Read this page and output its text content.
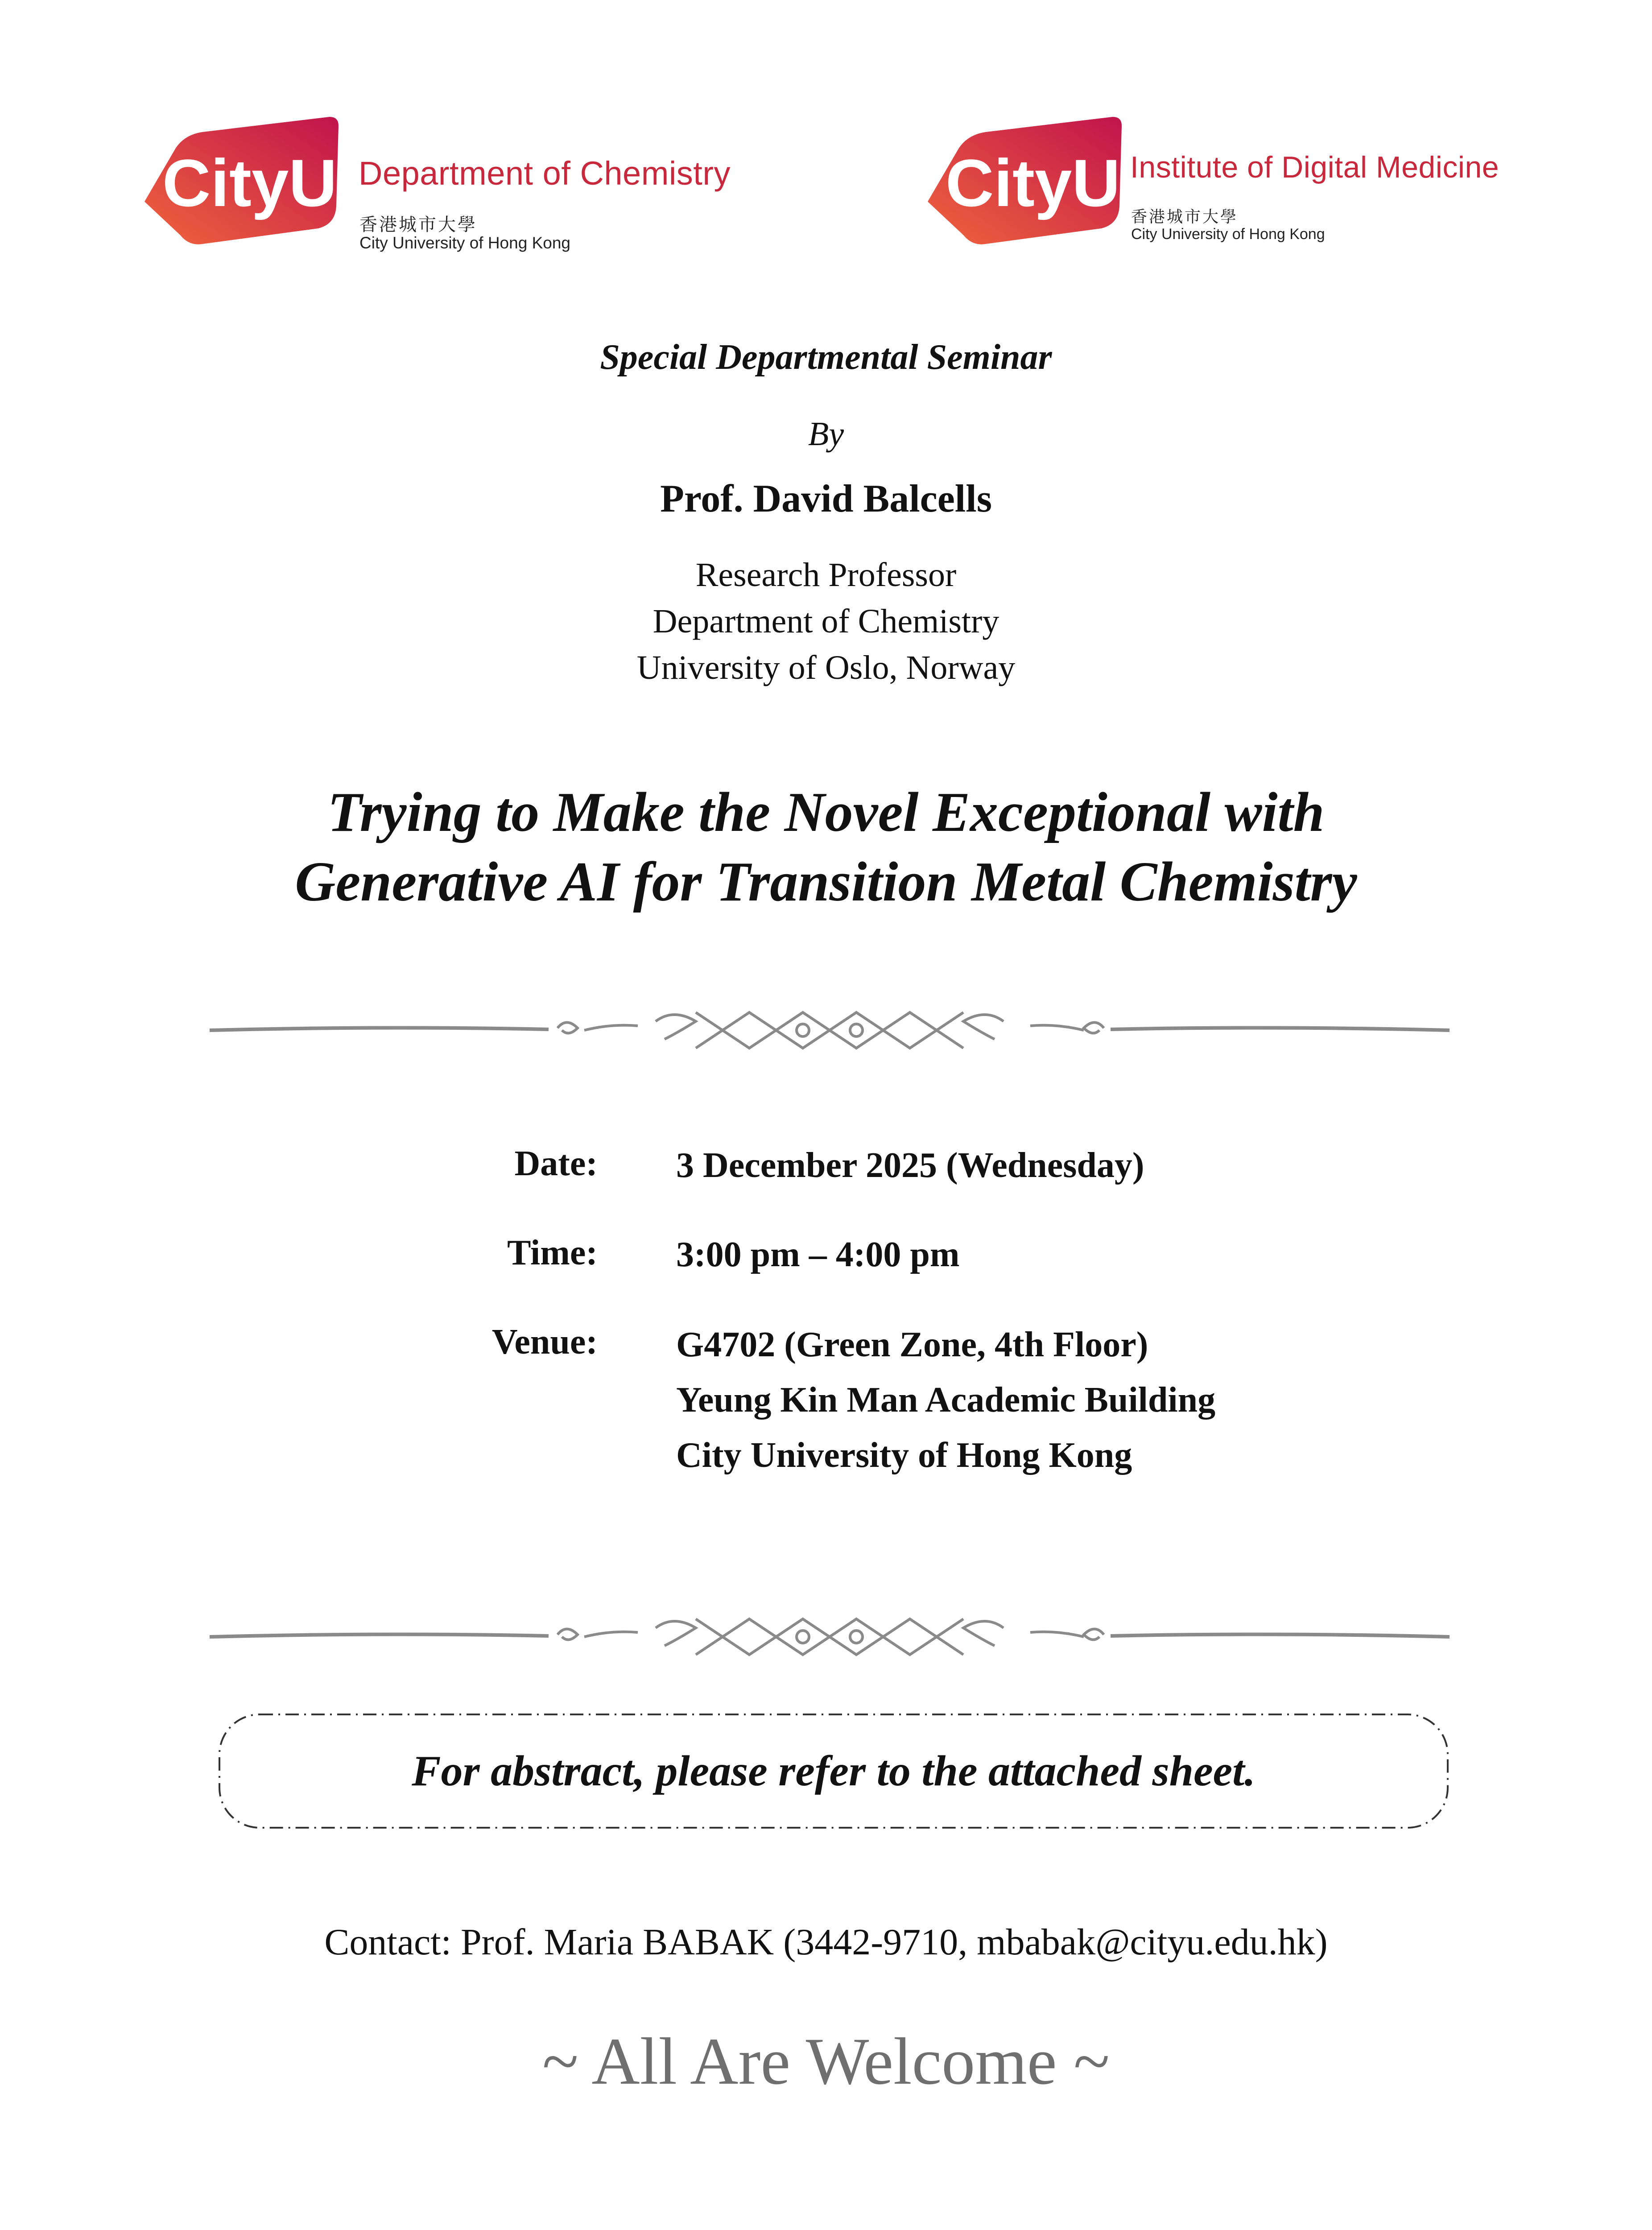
CityU Department of Chemistry
香港城市大學
City University of Hong Kong
CityU Institute of Digital Medicine
香港城市大學
City University of Hong Kong
Special Departmental Seminar
By
Prof. David Balcells
Research Professor
Department of Chemistry
University of Oslo, Norway
Trying to Make the Novel Exceptional with
Generative AI for Transition Metal Chemistry
Date: 3 December 2025 (Wednesday)
Time: 3:00 pm – 4:00 pm
Venue: G4702 (Green Zone, 4th Floor)
Yeung Kin Man Academic Building
City University of Hong Kong
For abstract, please refer to the attached sheet.
Contact: Prof. Maria BABAK (3442-9710, mbabak@cityu.edu.hk)
~ All Are Welcome ~
